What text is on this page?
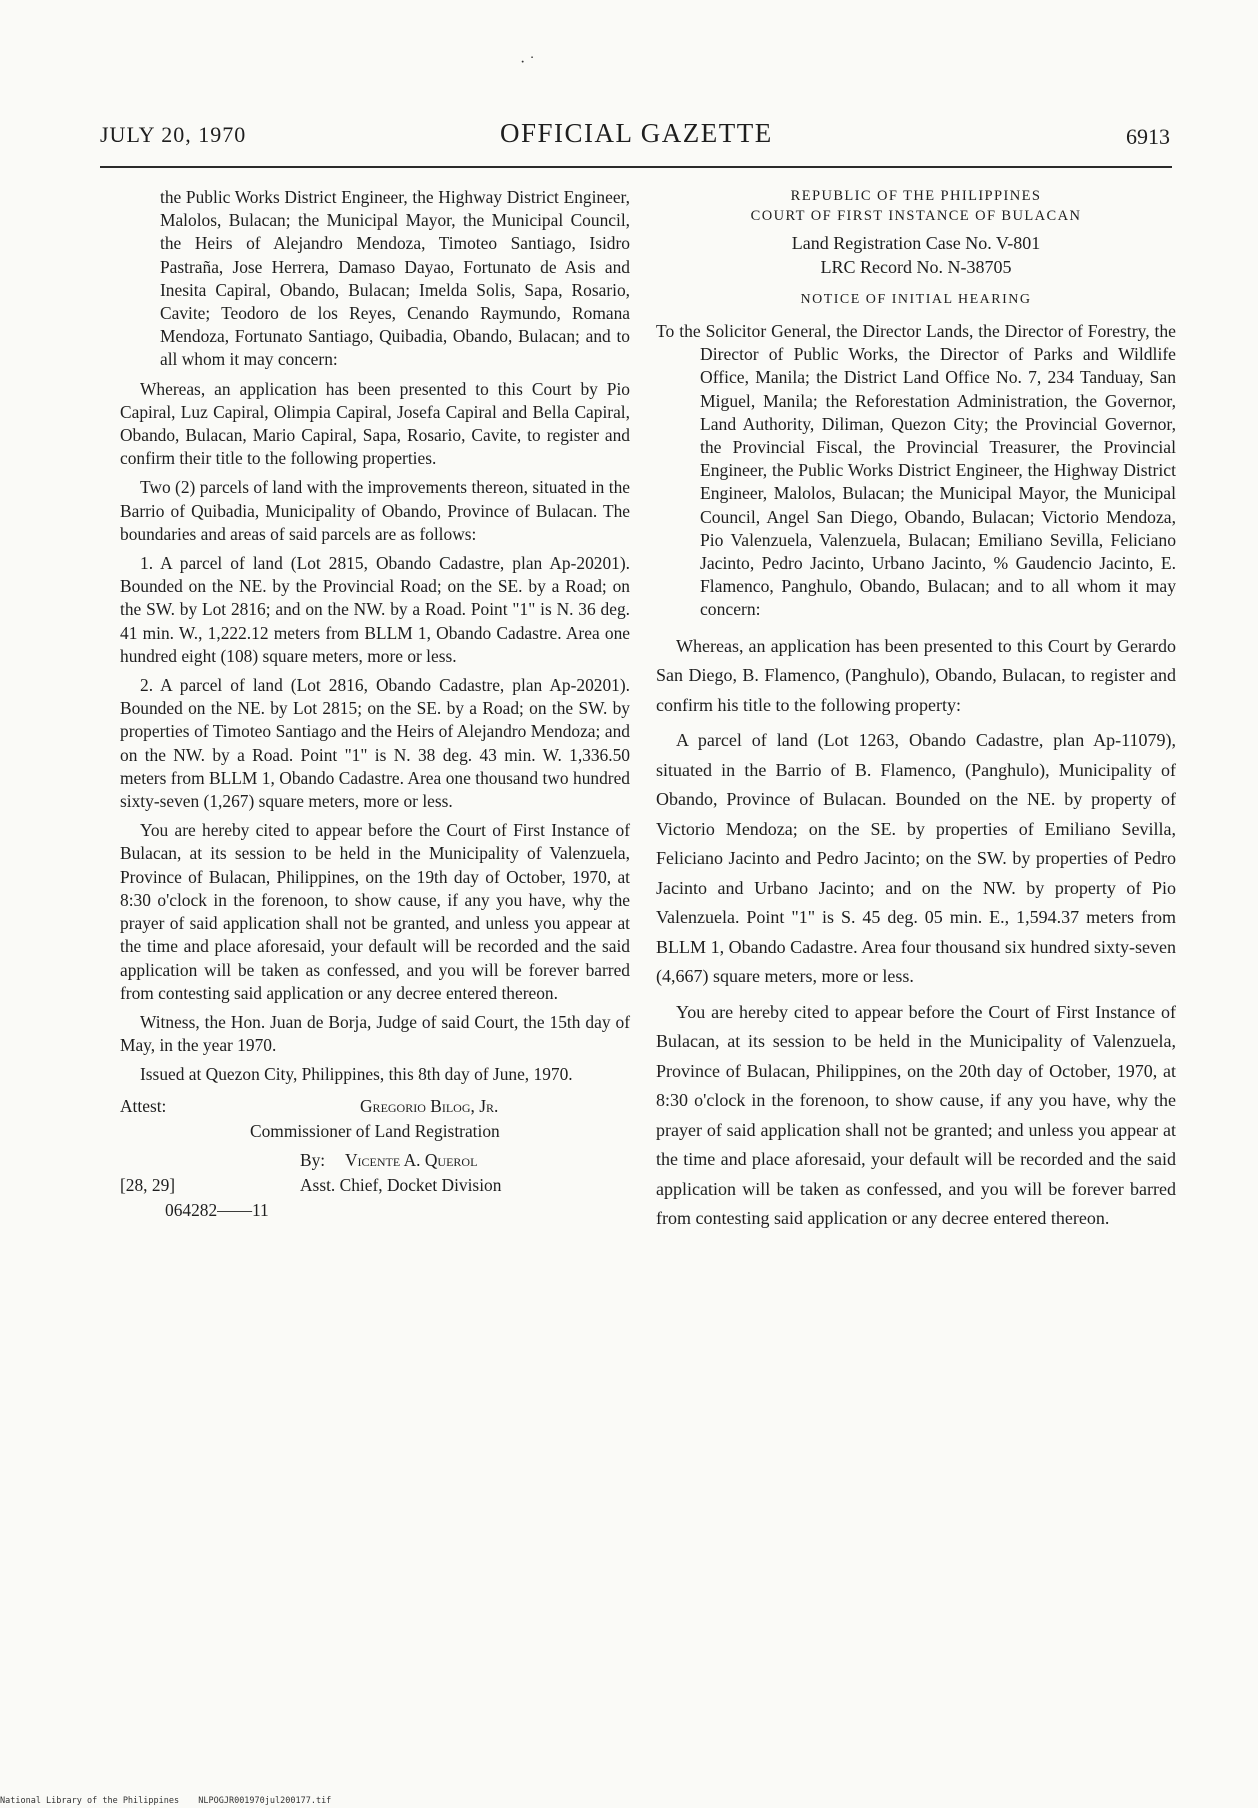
· ˙
JULY 20, 1970	OFFICIAL GAZETTE	6913

the Public Works District Engineer, the Highway District Engineer, Malolos, Bulacan; the Municipal Mayor, the Municipal Council, the Heirs of Alejandro Mendoza, Timoteo Santiago, Isidro Pastraña, Jose Herrera, Damaso Dayao, Fortunato de Asis and Inesita Capiral, Obando, Bulacan; Imelda Solis, Sapa, Rosario, Cavite; Teodoro de los Reyes, Cenando Raymundo, Romana Mendoza, Fortunato Santiago, Quibadia, Obando, Bulacan; and to all whom it may concern:

Whereas, an application has been presented to this Court by Pio Capiral, Luz Capiral, Olimpia Capiral, Josefa Capiral and Bella Capiral, Obando, Bulacan, Mario Capiral, Sapa, Rosario, Cavite, to register and confirm their title to the following properties.

Two (2) parcels of land with the improvements thereon, situated in the Barrio of Quibadia, Municipality of Obando, Province of Bulacan. The boundaries and areas of said parcels are as follows:

1. A parcel of land (Lot 2815, Obando Cadastre, plan Ap-20201). Bounded on the NE. by the Provincial Road; on the SE. by a Road; on the SW. by Lot 2816; and on the NW. by a Road. Point "1" is N. 36 deg. 41 min. W., 1,222.12 meters from BLLM 1, Obando Cadastre. Area one hundred eight (108) square meters, more or less.

2. A parcel of land (Lot 2816, Obando Cadastre, plan Ap-20201). Bounded on the NE. by Lot 2815; on the SE. by a Road; on the SW. by properties of Timoteo Santiago and the Heirs of Alejandro Mendoza; and on the NW. by a Road. Point "1" is N. 38 deg. 43 min. W. 1,336.50 meters from BLLM 1, Obando Cadastre. Area one thousand two hundred sixty-seven (1,267) square meters, more or less.

You are hereby cited to appear before the Court of First Instance of Bulacan, at its session to be held in the Municipality of Valenzuela, Province of Bulacan, Philippines, on the 19th day of October, 1970, at 8:30 o'clock in the forenoon, to show cause, if any you have, why the prayer of said application shall not be granted, and unless you appear at the time and place aforesaid, your default will be recorded and the said application will be taken as confessed, and you will be forever barred from contesting said application or any decree entered thereon.

Witness, the Hon. Juan de Borja, Judge of said Court, the 15th day of May, in the year 1970.

Issued at Quezon City, Philippines, this 8th day of June, 1970.

Attest:	Gregorio Bilog, Jr.
Commissioner of Land Registration
By: Vicente A. Querol
[28, 29]	Asst. Chief, Docket Division
064282——11

REPUBLIC OF THE PHILIPPINES

COURT OF FIRST INSTANCE OF BULACAN

Land Registration Case No. V-801

LRC Record No. N-38705

NOTICE OF INITIAL HEARING

To the Solicitor General, the Director Lands, the Director of Forestry, the Director of Public Works, the Director of Parks and Wildlife Office, Manila; the District Land Office No. 7, 234 Tanduay, San Miguel, Manila; the Reforestation Administration, the Governor, Land Authority, Diliman, Quezon City; the Provincial Governor, the Provincial Fiscal, the Provincial Treasurer, the Provincial Engineer, the Public Works District Engineer, the Highway District Engineer, Malolos, Bulacan; the Municipal Mayor, the Municipal Council, Angel San Diego, Obando, Bulacan; Victorio Mendoza, Pio Valenzuela, Valenzuela, Bulacan; Emiliano Sevilla, Feliciano Jacinto, Pedro Jacinto, Urbano Jacinto, % Gaudencio Jacinto, E. Flamenco, Panghulo, Obando, Bulacan; and to all whom it may concern:

Whereas, an application has been presented to this Court by Gerardo San Diego, B. Flamenco, (Panghulo), Obando, Bulacan, to register and confirm his title to the following property:

A parcel of land (Lot 1263, Obando Cadastre, plan Ap-11079), situated in the Barrio of B. Flamenco, (Panghulo), Municipality of Obando, Province of Bulacan. Bounded on the NE. by property of Victorio Mendoza; on the SE. by properties of Emiliano Sevilla, Feliciano Jacinto and Pedro Jacinto; on the SW. by properties of Pedro Jacinto and Urbano Jacinto; and on the NW. by property of Pio Valenzuela. Point "1" is S. 45 deg. 05 min. E., 1,594.37 meters from BLLM 1, Obando Cadastre. Area four thousand six hundred sixty-seven (4,667) square meters, more or less.

You are hereby cited to appear before the Court of First Instance of Bulacan, at its session to be held in the Municipality of Valenzuela, Province of Bulacan, Philippines, on the 20th day of October, 1970, at 8:30 o'clock in the forenoon, to show cause, if any you have, why the prayer of said application shall not be granted; and unless you appear at the time and place aforesaid, your default will be recorded and the said application will be taken as confessed, and you will be forever barred from contesting said application or any decree entered thereon.

National Library of the Philippines NLPOGJR001970jul200177.tif
